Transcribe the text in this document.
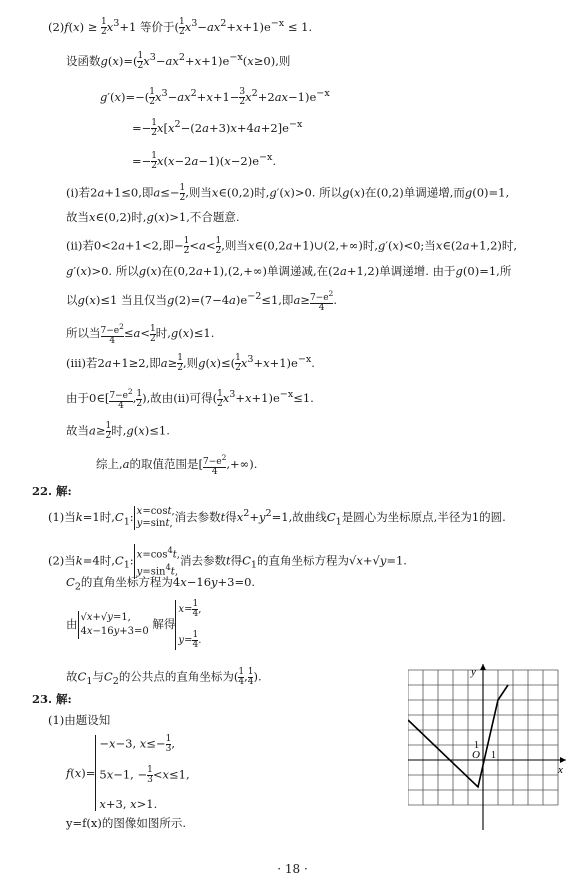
$(2)f(x) \ge \frac{1}{2} x^3+1$ 等价于( $\frac{1}{2} x^3-ax^2+x+1)e^{-x} \le 1$.
设函数$g(x)=( \frac{1}{2} x^3-ax^2+x+1)e^{-x}(x\ge 0)$,则
$g'(x)=-( \frac{1}{2} x^3-ax^2+x+1- \frac{3}{2} x^2+2ax-1)e^{-x}$
=− $\frac{1}{2} x[x^2-(2a+3)x+4a+2]e^{-x}$
=− $\frac{1}{2} x(x-2a-1)(x-2)e^{-x}$.
(ⅰ)若2a+1≤0,即$a\le- \frac{1}{2}$ ,则当x∈(0,2)时,g′(x)>0. 所以g(x)在(0,2)单调递增,而g(0)=1,
故当x∈(0,2)时,g(x)>1,不合题意.
(ⅱ)若0<2a+1<2,即− $\frac{1}{2} <a< \frac{1}{2}$ ,则当x∈(0,2a+1)∪(2,+∞)时,g′(x)<0;当x∈(2a+1,2)时,
g′(x)>0. 所以g(x)在(0,2a+1),(2,+∞)单调递减,在(2a+1,2)单调递增. 由于g(0)=1,所
以g(x)≤1 当且仅当$g(2)=(7-4a)e^{-2}\le 1$,即$a\ge \frac{7-e^2}{4}$ .
所以当 $\frac{7-e^2}{4} \le a< \frac{1}{2}$ 时,g(x)≤1.
(ⅲ)若2a+1≥2,即$a\ge \frac{1}{2}$ ,则$g(x)\le( \frac{1}{2} x^3+x+1)e^{-x}$.
由于0∈[ $\frac{7-e^2}{4}$ , $\frac{1}{2}$ ),故由(ⅱ)可得( $\frac{1}{2} x^3+x+1)e^{-x}\le 1$.
故当$a\ge \frac{1}{2}$ 时,g(x)≤1.
综上,a的取值范围是[ $\frac{7-e^2}{4}$ ,+∞).
22. 解:
(1)当k=1时$,C_1$: x=cost,
y=sint, 消去参数t得$x^2+y^2=1$,故曲线$C_1$是圆心为坐标原点,半径为1的圆.
(2)当k=4时$,C_1$: $x=\cos^4t$,
$y=\sin^4t$,
消去参数t得$C_1$的直角坐标方程为√x+√y=1.
$C_2$的直角坐标方程为4x−16y+3=0.
由 √x+√y=1,
4x−16y+3=0
解得
$x= \frac{1}{4}$ ,
$y= \frac{1}{4}$ .
故$C_1$与$C_2$的公共点的直角坐标为( $\frac{1}{4}$ , $\frac{1}{4}$ ).
23. 解:
(1)由题设知
f(x)=
−x−3, $x\le- \frac{1}{3}$ ,
5x−1, − $\frac{1}{3} <x\le 1$,
x+3, x>1.
y=f(x)的图像如图所示.
x
y
O 1
1
· 18 ·
